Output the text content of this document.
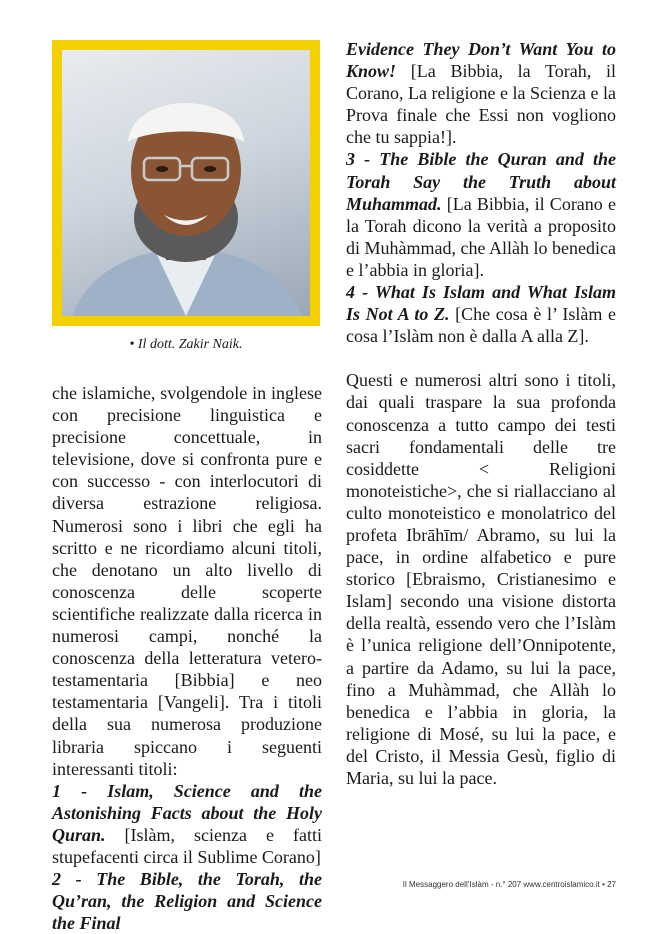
• Il dott. Zakir Naik.

che islamiche, svolgendole in inglese con precisione linguistica e precisione concettuale, in televisione, dove si confronta pure e con successo - con interlocutori di diversa estrazione religiosa. Numerosi sono i libri che egli ha scritto e ne ricordiamo alcuni titoli, che denotano un alto livello di conoscenza delle scoperte scientifiche realizzate dalla ricerca in numerosi campi, nonché la conoscenza della letteratura vetero-testamentaria [Bibbia] e neo testamentaria [Vangeli]. Tra i titoli della sua numerosa produzione libraria spiccano i seguenti interessanti titoli:

1 - Islam, Science and the Astonishing Facts about the Holy Quran. [Islàm, scienza e fatti stupefacenti circa il Sublime Corano]

2 - The Bible, the Torah, the Qu’ran, the Religion and Science the Final

Evidence They Don’t Want You to Know! [La Bibbia, la Torah, il Corano, La religione e la Scienza e la Prova finale che Essi non vogliono che tu sappia!].

3 - The Bible the Quran and the Torah Say the Truth about Muhammad. [La Bibbia, il Corano e la Torah dicono la verità a proposito di Muhàmmad, che Allàh lo benedica e l’abbia in gloria].

4 - What Is Islam and What Islam Is Not A to Z. [Che cosa è l’ Islàm e cosa l’Islàm non è dalla A alla Z].

Questi e numerosi altri sono i titoli, dai quali traspare la sua profonda conoscenza a tutto campo dei testi sacri fondamentali delle tre cosiddette < Religioni monoteistiche>, che si riallacciano al culto monoteistico e monolatrico del profeta Ibrāhīm/ Abramo, su lui la pace, in ordine alfabetico e pure storico [Ebraismo, Cristianesimo e Islam] secondo una visione distorta della realtà, essendo vero che l’Islàm è l’unica religione dell’Onnipotente, a partire da Adamo, su lui la pace, fino a Muhàmmad, che Allàh lo benedica e l’abbia in gloria, la religione di Mosé, su lui la pace, e del Cristo, il Messia Gesù, figlio di Maria, su lui la pace.

Il Messaggero dell’Islàm - n.° 207 www.centroislamico.it • 27
